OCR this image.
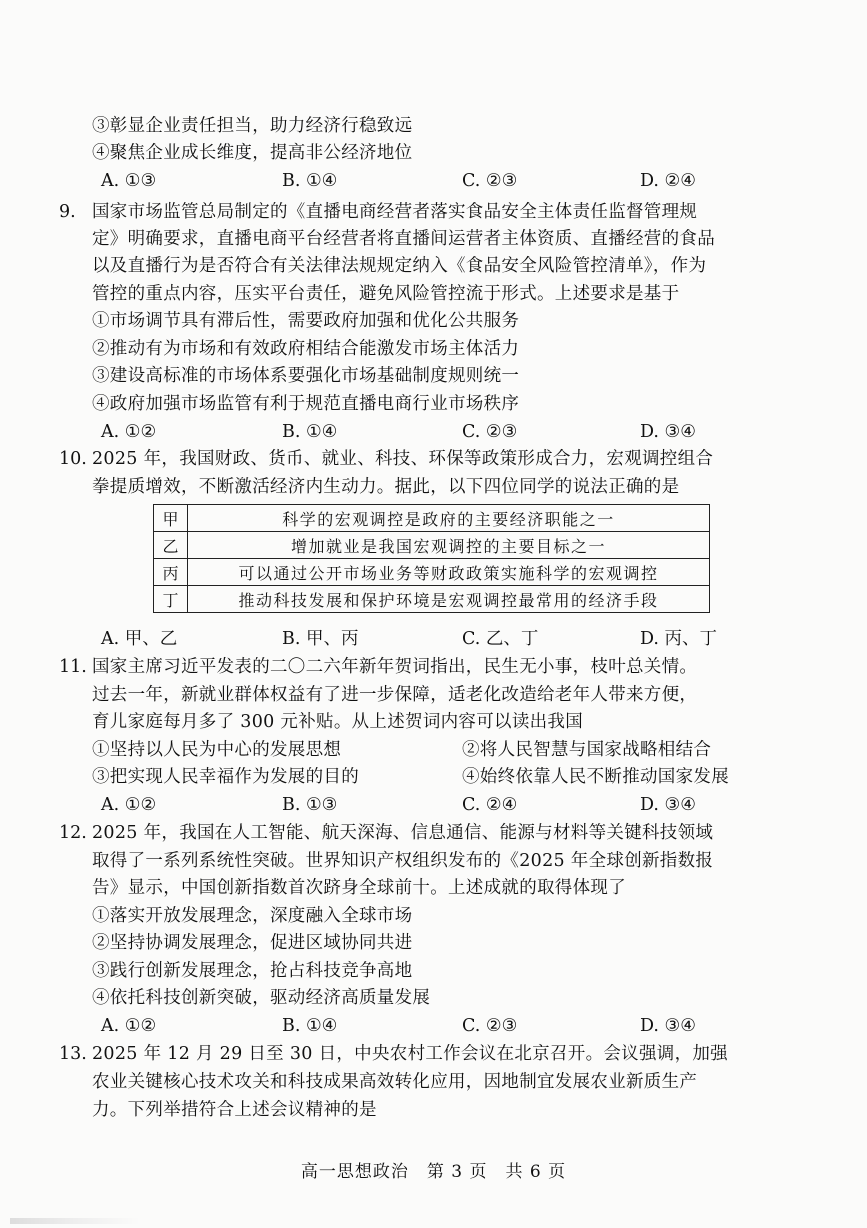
③彰显企业责任担当，助力经济行稳致远
④聚焦企业成长维度，提高非公经济地位
A. ①③	B. ①④	C. ②③	D. ②④
9. 国家市场监管总局制定的《直播电商经营者落实食品安全主体责任监督管理规
定》明确要求，直播电商平台经营者将直播间运营者主体资质、直播经营的食品
以及直播行为是否符合有关法律法规规定纳入《食品安全风险管控清单》，作为
管控的重点内容，压实平台责任，避免风险管控流于形式。上述要求是基于
①市场调节具有滞后性，需要政府加强和优化公共服务
②推动有为市场和有效政府相结合能激发市场主体活力
③建设高标准的市场体系要强化市场基础制度规则统一
④政府加强市场监管有利于规范直播电商行业市场秩序
A. ①②	B. ①④	C. ②③	D. ③④
10. 2025 年，我国财政、货币、就业、科技、环保等政策形成合力，宏观调控组合
拳提质增效，不断激活经济内生动力。据此，以下四位同学的说法正确的是
甲	科学的宏观调控是政府的主要经济职能之一
乙	增加就业是我国宏观调控的主要目标之一
丙	可以通过公开市场业务等财政政策实施科学的宏观调控
丁	推动科技发展和保护环境是宏观调控最常用的经济手段
A. 甲、乙	B. 甲、丙	C. 乙、丁	D. 丙、丁
11. 国家主席习近平发表的二〇二六年新年贺词指出，民生无小事，枝叶总关情。
过去一年，新就业群体权益有了进一步保障，适老化改造给老年人带来方便，
育儿家庭每月多了 300 元补贴。从上述贺词内容可以读出我国
①坚持以人民为中心的发展思想	②将人民智慧与国家战略相结合
③把实现人民幸福作为发展的目的	④始终依靠人民不断推动国家发展
A. ①②	B. ①③	C. ②④	D. ③④
12. 2025 年，我国在人工智能、航天深海、信息通信、能源与材料等关键科技领域
取得了一系列系统性突破。世界知识产权组织发布的《2025 年全球创新指数报
告》显示，中国创新指数首次跻身全球前十。上述成就的取得体现了
①落实开放发展理念，深度融入全球市场
②坚持协调发展理念，促进区域协同共进
③践行创新发展理念，抢占科技竞争高地
④依托科技创新突破，驱动经济高质量发展
A. ①②	B. ①④	C. ②③	D. ③④
13. 2025 年 12 月 29 日至 30 日，中央农村工作会议在北京召开。会议强调，加强
农业关键核心技术攻关和科技成果高效转化应用，因地制宜发展农业新质生产
力。下列举措符合上述会议精神的是
高一思想政治　第 3 页　共 6 页
